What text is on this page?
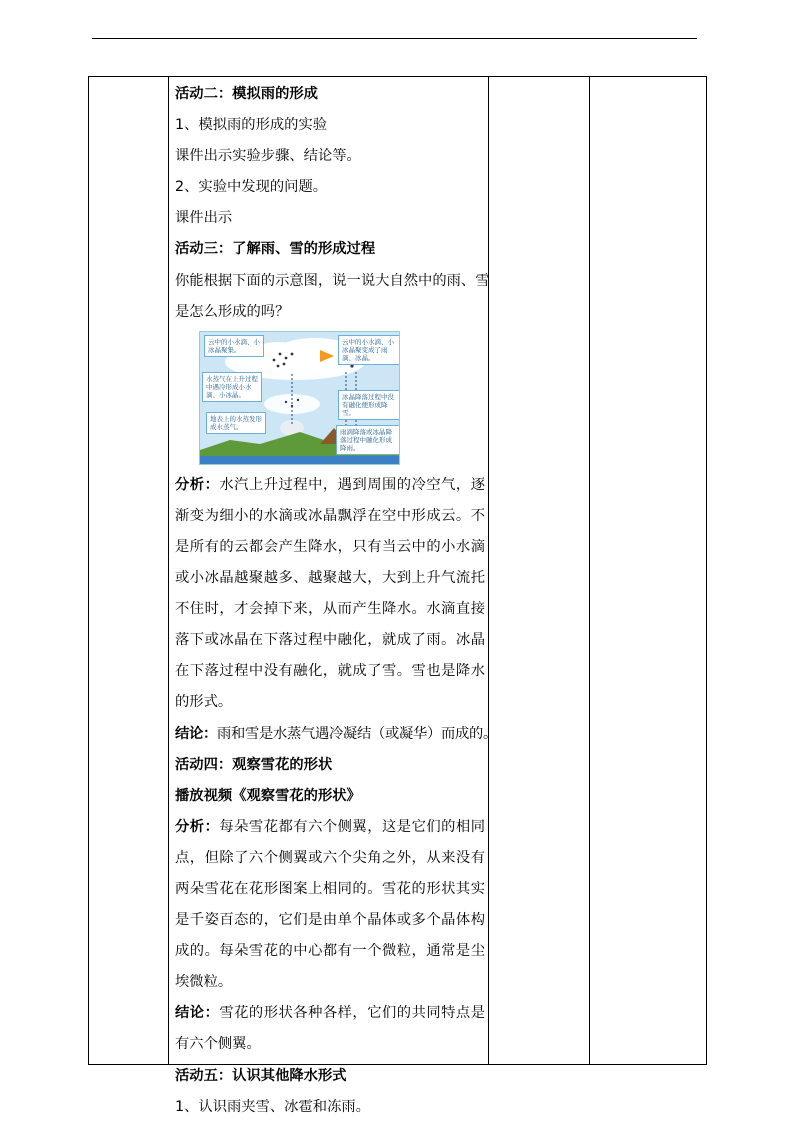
活动二：模拟雨的形成
1、模拟雨的形成的实验
课件出示实验步骤、结论等。
2、实验中发现的问题。
课件出示
活动三：了解雨、雪的形成过程
你能根据下面的示意图，说一说大自然中的雨、雪
是怎么形成的吗？
云中的小水滴、小冰晶聚集。
云中的小水滴、小冰晶聚变成了雨滴、冰晶。
水蒸气在上升过程中遇冷形成小水滴、小冰晶。	冰晶降落过程中没有融化便形成降雪。
地表上的水蒸发形成水蒸气。
雨滴降落或冰晶降落过程中融化形成降雨。
分析：水汽上升过程中，遇到周围的冷空气，逐渐变为细小的水滴或冰晶飘浮在空中形成云。不是所有的云都会产生降水，只有当云中的小水滴或小冰晶越聚越多、越聚越大，大到上升气流托不住时，才会掉下来，从而产生降水。水滴直接落下或冰晶在下落过程中融化，就成了雨。冰晶在下落过程中没有融化，就成了雪。雪也是降水的形式。
结论：雨和雪是水蒸气遇冷凝结（或凝华）而成的。
活动四：观察雪花的形状
播放视频《观察雪花的形状》
分析：每朵雪花都有六个侧翼，这是它们的相同点，但除了六个侧翼或六个尖角之外，从来没有两朵雪花在花形图案上相同的。雪花的形状其实是千姿百态的，它们是由单个晶体或多个晶体构成的。每朵雪花的中心都有一个微粒，通常是尘埃微粒。
结论：雪花的形状各种各样，它们的共同特点是有六个侧翼。
活动五：认识其他降水形式
1、认识雨夹雪、冰雹和冻雨。
